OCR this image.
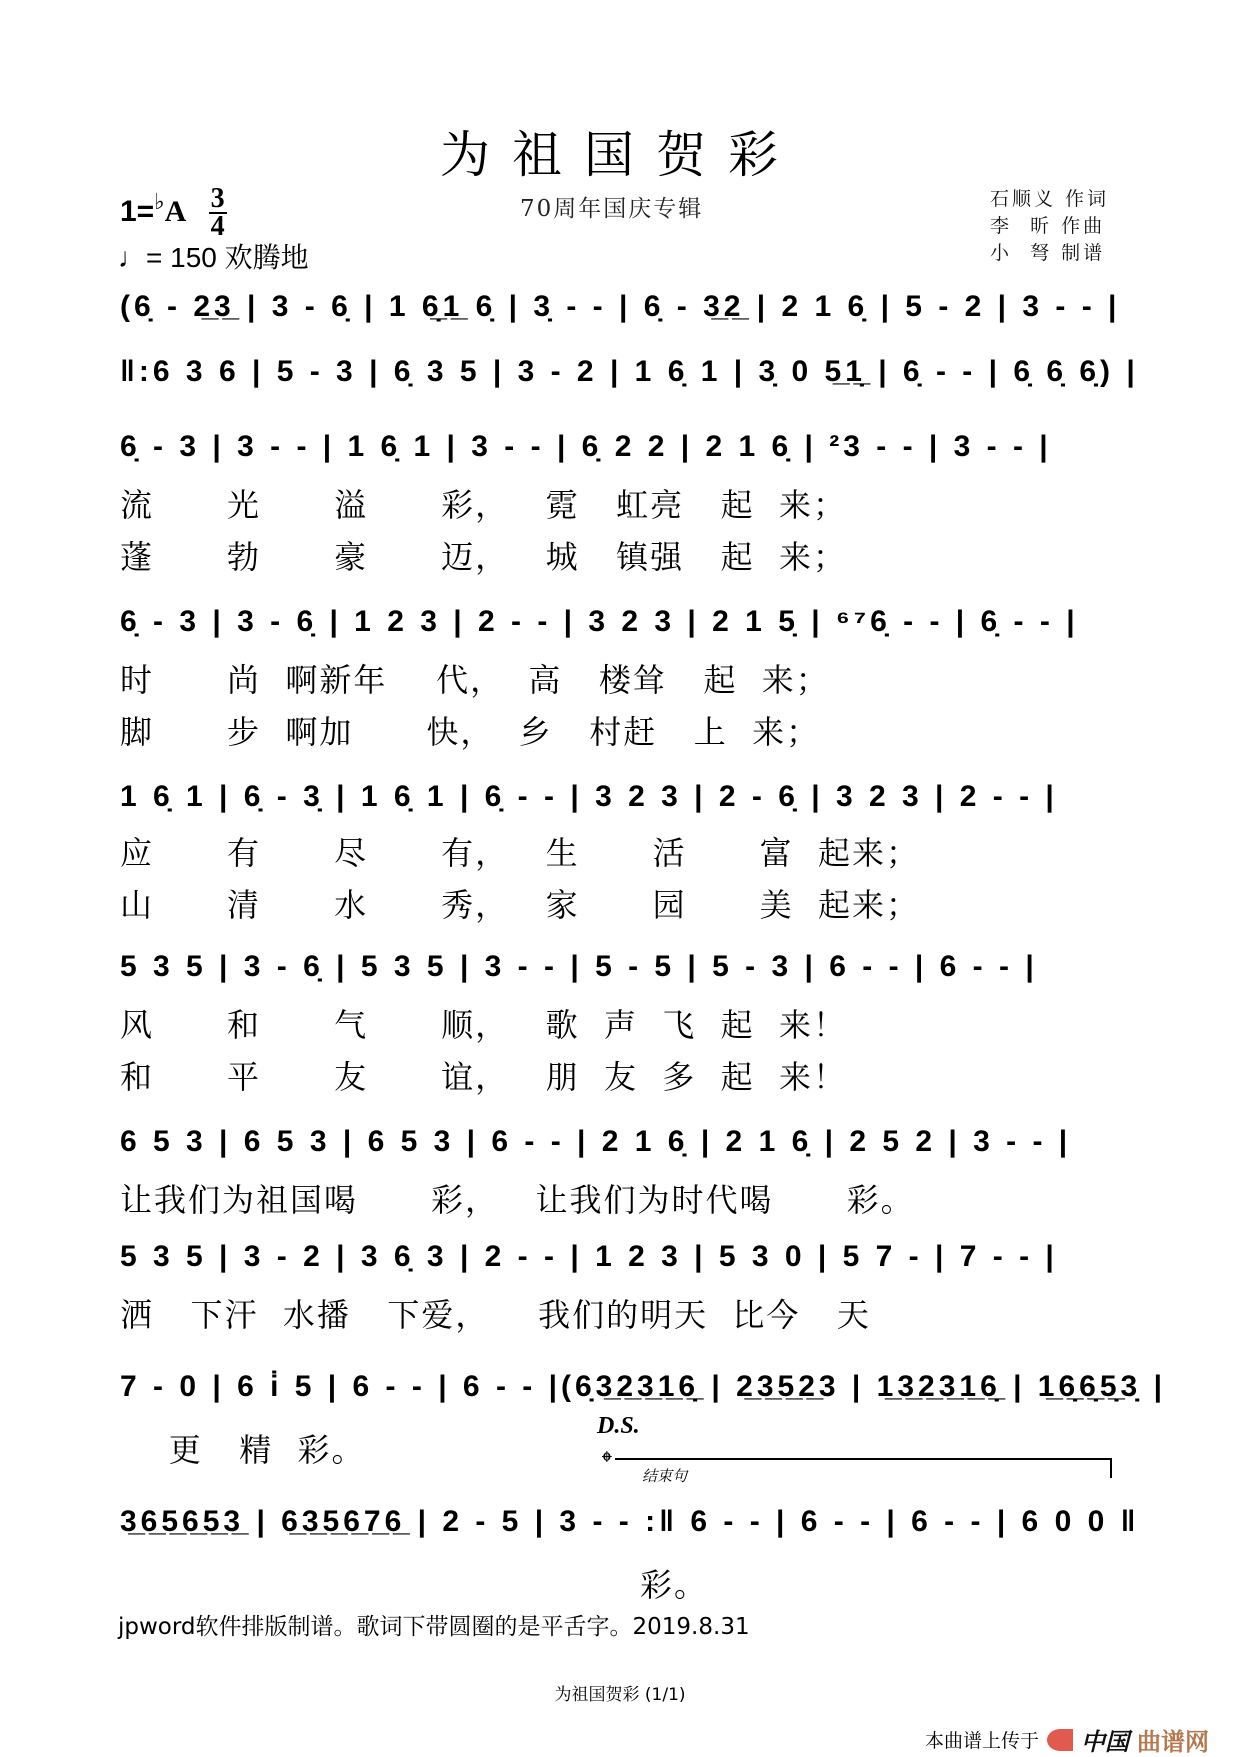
为祖国贺彩
$1=^♭A \frac{3}{4}$
♩= 150 欢腾地
70周年国庆专辑	石顺义 作词
李  昕 作曲
小  弩 制谱
(6̣ - 2̲3̲ | 3 - 6̣ | 1 6̣̲1̲ 6̣ | 3̣ - - | 6̣ - 3̲2̲ | 2 1 6̣ | 5 - 2 | 3 - - |
‖:6 3 6 | 5 - 3 | 6̣ 3 5 | 3 - 2 | 1 6̣ 1 | 3̣ 0 5̲1̣̲ | 6̣ - - | 6̣ 6̣ 6̣) |
6̣ - 3 | 3 - - | 1 6̣ 1 | 3 - - | 6̣ 2 2 | 2 1 6̣ | ²3 - - | 3 - - |
流      光      溢      彩，   霓   虹亮   起  来；
蓬      勃      豪      迈，   城   镇强   起  来；
6̣ - 3 | 3 - 6̣ | 1 2 3 | 2 - - | 3 2 3 | 2 1 5̣ | ⁶⁷6̣ - - | 6̣ - - |
时      尚  啊新年    代，  高   楼耸   起  来；
脚      步  啊加      快，  乡   村赶   上  来；
1 6̣ 1 | 6̣ - 3̣ | 1 6̣ 1 | 6̣ - - | 3 2 3 | 2 - 6̣ | 3 2 3 | 2 - - |
应      有      尽      有，   生      活      富  起来；
山      清      水      秀，   家      园      美  起来；
5 3 5 | 3 - 6̣ | 5 3 5 | 3 - - | 5 - 5 | 5 - 3 | 6 - - | 6 - - |
风      和      气      顺，   歌  声  飞  起  来！
和      平      友      谊，   朋  友  多  起  来！
6 5 3 | 6 5 3 | 6 5 3 | 6 - - | 2 1 6̣ | 2 1 6̣ | 2 5 2 | 3 - - |
让我们为祖国喝      彩，   让我们为时代喝      彩。
5 3 5 | 3 - 2 | 3 6̣ 3 | 2 - - | 1 2 3 | 5 3 0 | 5 7 - | 7 - - |
洒   下汗  水播   下爱，    我们的明天  比今   天
7 - 0 | 6 i̇ 5 | 6 - - | 6 - - |(6̣3̲2̲3̲1̲6̣̲ | 2̲3̲5̲2̲3 | 1̲3̲2̲3̲1̲6̣̲ | 1̲6̣̲6̣̲5̣̲3̣ |
更   精  彩。
D.S.
𝄌 结束句
3̲6̲5̲6̲5̲3̲ | 6̲3̲5̲6̲7̲6̲ | 2 - 5 | 3 - - :‖ 6 - - | 6 - - | 6 - - | 6 0 0 ‖
彩。
jpword软件排版制谱。歌词下带圆圈的是平舌字。2019.8.31
为祖国贺彩 (1/1)
本曲谱上传于 中国 曲谱网
